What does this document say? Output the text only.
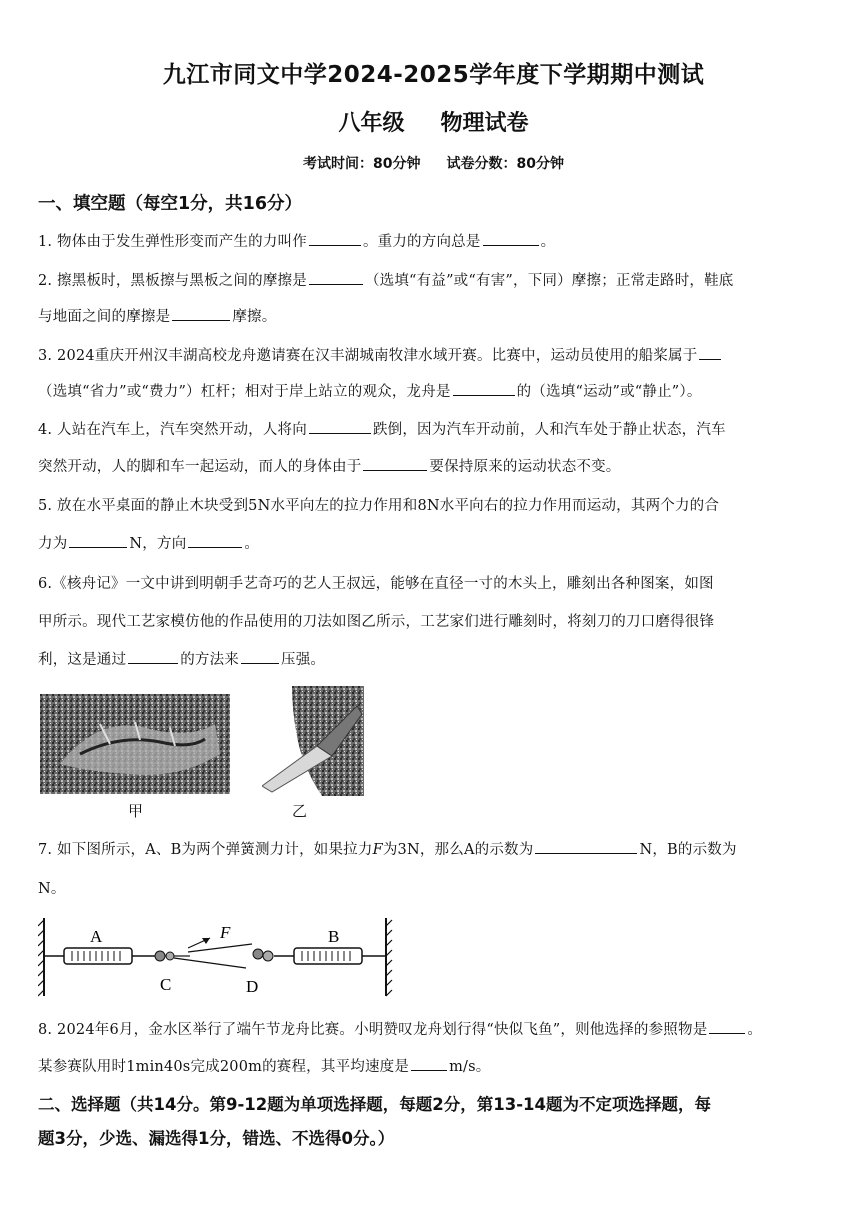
九江市同文中学2024-2025学年度下学期期中测试
八年级 物理试卷
考试时间：80分钟 试卷分数：80分钟
一、填空题（每空1分，共16分）
1. 物体由于发生弹性形变而产生的力叫作	。重力的方向总是	。
2. 擦黑板时，黑板擦与黑板之间的摩擦是	（选填“有益”或“有害”，下同）摩擦；正常走路时，鞋底
与地面之间的摩擦是	摩擦。
3. 2024重庆开州汉丰湖高校龙舟邀请赛在汉丰湖城南牧津水域开赛。比赛中，运动员使用的船桨属于
（选填“省力”或“费力”）杠杆；相对于岸上站立的观众，龙舟是	的（选填“运动”或“静止”）。
4. 人站在汽车上，汽车突然开动，人将向	跌倒，因为汽车开动前，人和汽车处于静止状态，汽车
突然开动，人的脚和车一起运动，而人的身体由于	要保持原来的运动状态不变。
5. 放在水平桌面的静止木块受到5N水平向左的拉力作用和8N水平向右的拉力作用而运动，其两个力的合
力为	N，方向	。
6.《核舟记》一文中讲到明朝手艺奇巧的艺人王叔远，能够在直径一寸的木头上，雕刻出各种图案，如图
甲所示。现代工艺家模仿他的作品使用的刀法如图乙所示，工艺家们进行雕刻时，将刻刀的刀口磨得很锋
利，这是通过	的方法来	压强。
甲	乙
7. 如下图所示，A、B为两个弹簧测力计，如果拉力F为3N，那么A的示数为	N，B的示数为
N。
A	F	B
C	D
8. 2024年6月，金水区举行了端午节龙舟比赛。小明赞叹龙舟划行得“快似飞鱼”，则他选择的参照物是	。
某参赛队用时1min40s完成200m的赛程，其平均速度是	m/s。
二、选择题（共14分。第9-12题为单项选择题，每题2分，第13-14题为不定项选择题，每
题3分，少选、漏选得1分，错选、不选得0分。）
